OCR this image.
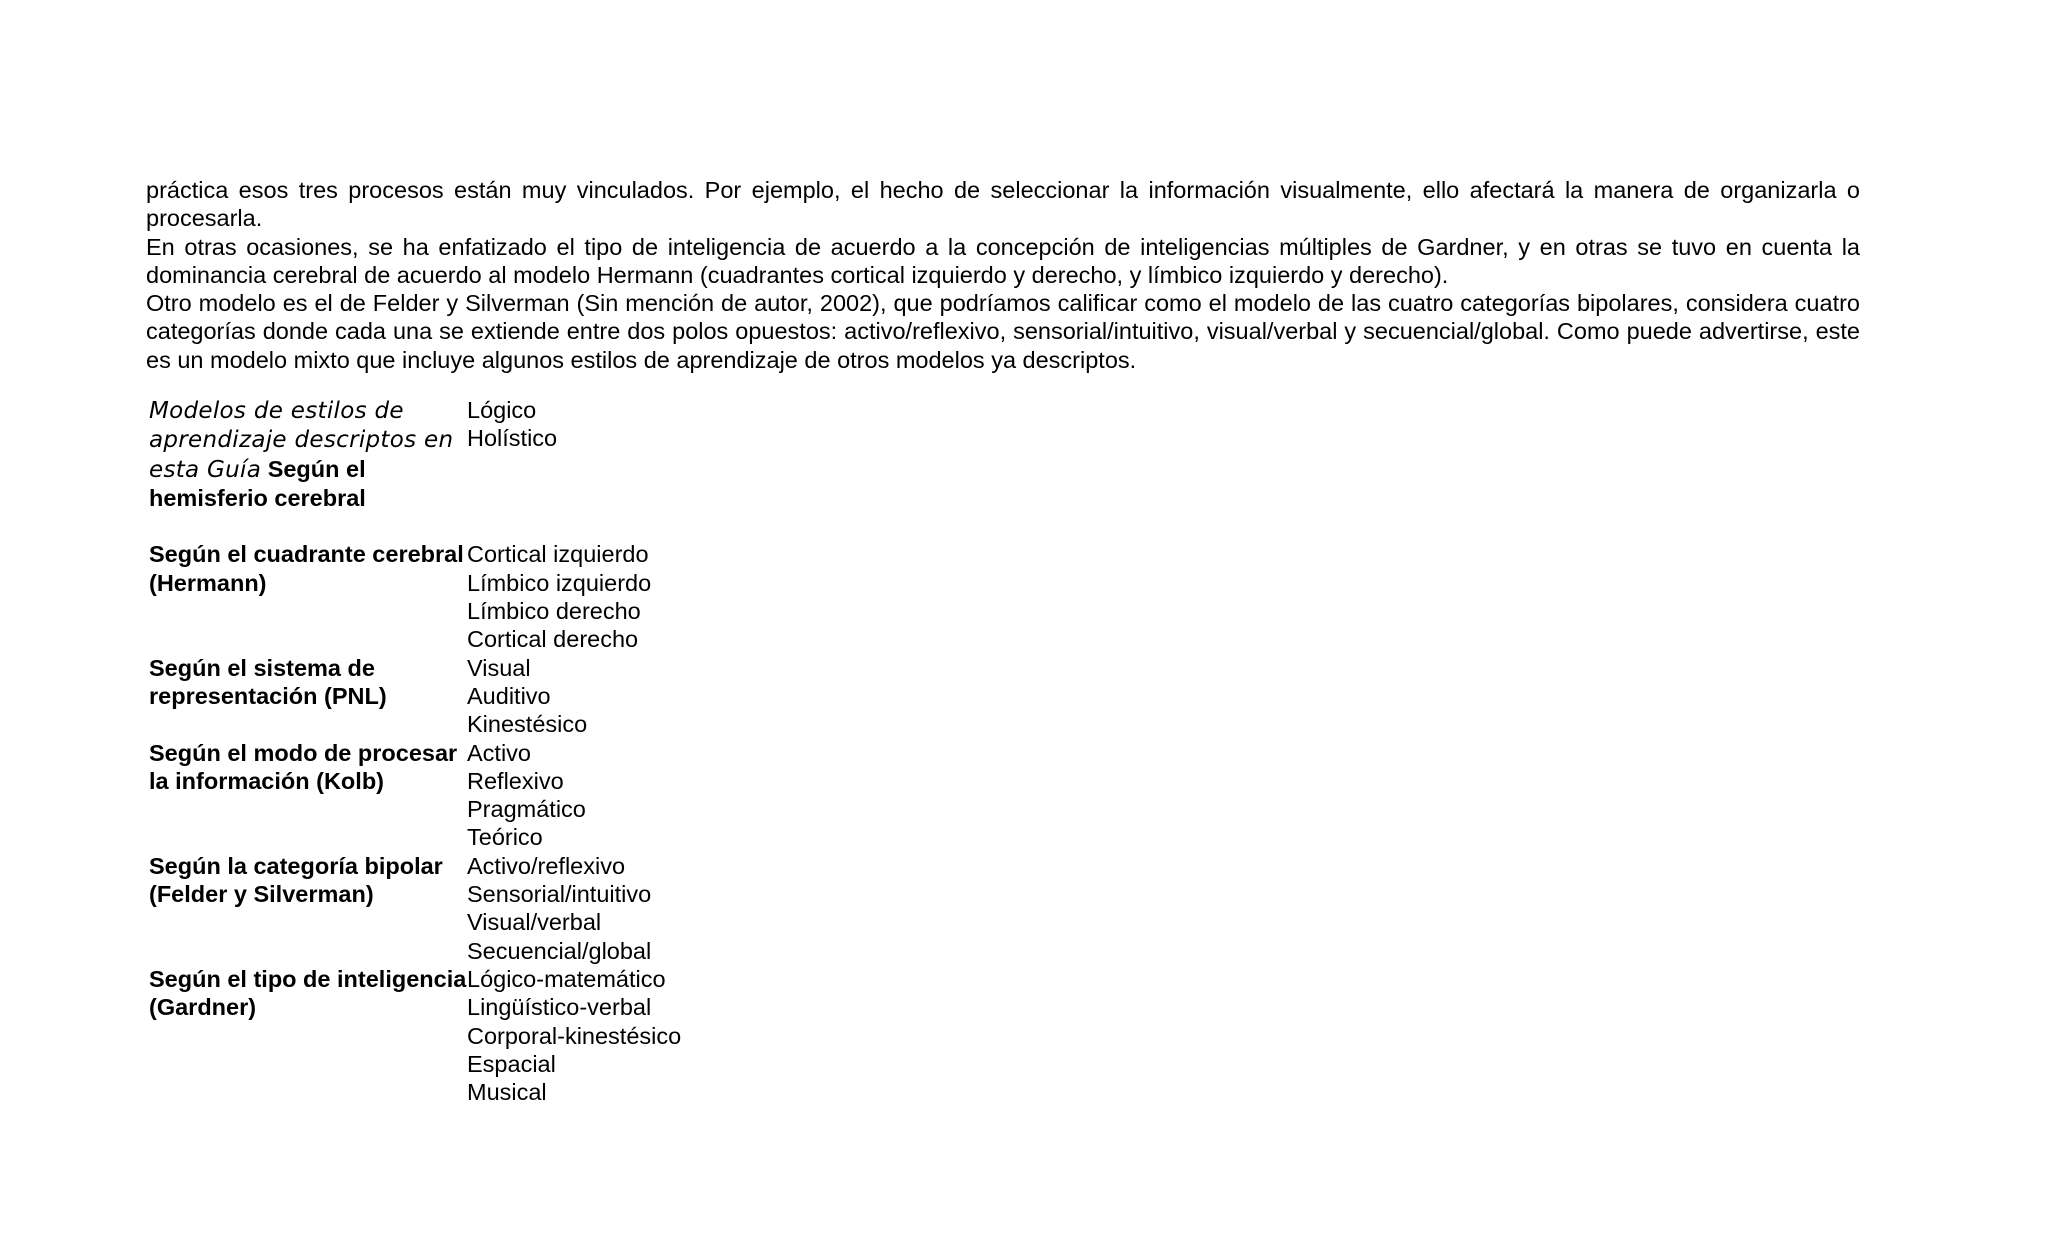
práctica esos tres procesos están muy vinculados. Por ejemplo, el hecho de seleccionar la información visualmente, ello afectará la manera de organizarla o procesarla.

En otras ocasiones, se ha enfatizado el tipo de inteligencia de acuerdo a la concepción de inteligencias múltiples de Gardner, y en otras se tuvo en cuenta la dominancia cerebral de acuerdo al modelo Hermann (cuadrantes cortical izquierdo y derecho, y límbico izquierdo y derecho).

Otro modelo es el de Felder y Silverman (Sin mención de autor, 2002), que podríamos calificar como el modelo de las cuatro categorías bipolares, considera cuatro categorías donde cada una se extiende entre dos polos opuestos: activo/reflexivo, sensorial/intuitivo, visual/verbal y secuencial/global. Como puede advertirse, este es un modelo mixto que incluye algunos estilos de aprendizaje de otros modelos ya descriptos.

Modelos de estilos de aprendizaje descriptos en esta Guía Según el hemisferio cerebral
Lógico
Holístico
Según el cuadrante cerebral (Hermann)
Cortical izquierdo
Límbico izquierdo
Límbico derecho
Cortical derecho
Según el sistema de representación (PNL)
Visual
Auditivo
Kinestésico
Según el modo de procesar la información (Kolb)
Activo
Reflexivo
Pragmático
Teórico
Según la categoría bipolar (Felder y Silverman)
Activo/reflexivo
Sensorial/intuitivo
Visual/verbal
Secuencial/global
Según el tipo de inteligencia (Gardner)
Lógico-matemático
Lingüístico-verbal
Corporal-kinestésico
Espacial
Musical
